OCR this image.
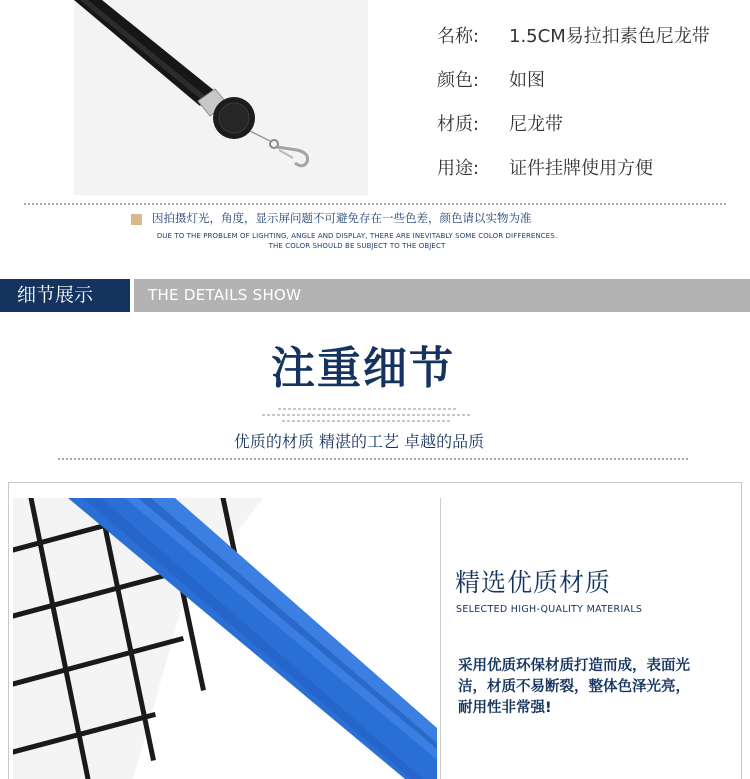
名称: 1.5CM易拉扣素色尼龙带
颜色: 如图
材质: 尼龙带
用途: 证件挂牌使用方便
因拍摄灯光，角度，显示屏问题不可避免存在一些色差，颜色请以实物为准
DUE TO THE PROBLEM OF LIGHTING, ANGLE AND DISPLAY, THERE ARE INEVITABLY SOME COLOR DIFFERENCES.
THE COLOR SHOULD BE SUBJECT TO THE OBJECT
细节展示	THE DETAILS SHOW
注重细节
优质的材质 精湛的工艺 卓越的品质
精选优质材质
SELECTED HIGH-QUALITY MATERIALS
采用优质环保材质打造而成，表面光洁，材质不易断裂，整体色泽光亮，耐用性非常强!
